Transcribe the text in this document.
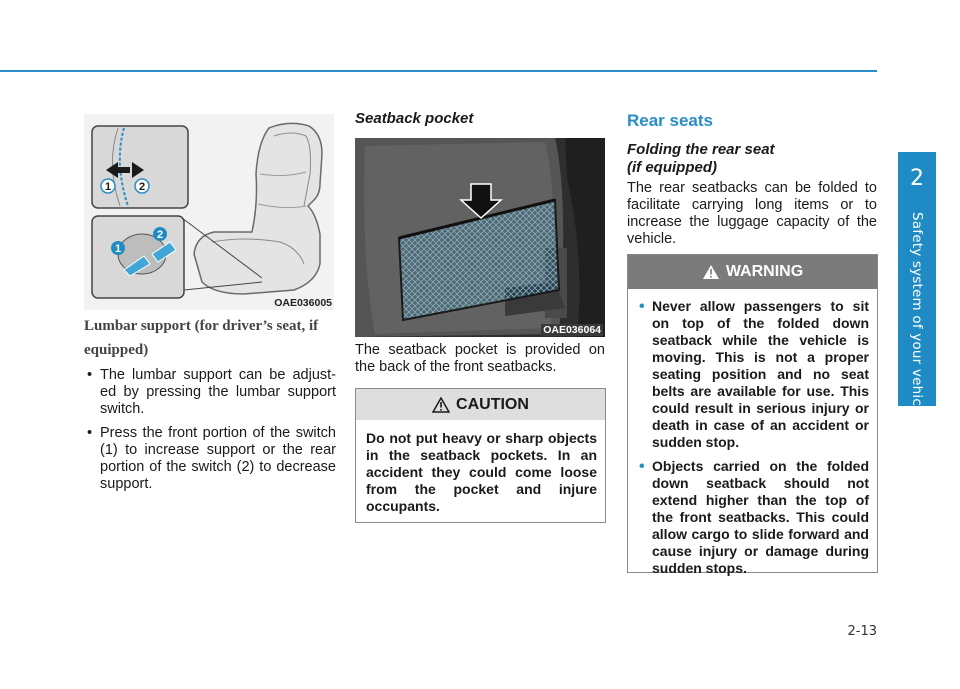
2
Safety system of your vehicle
1	2
1
2
OAE036005
Lumbar support (for driver’s seat, if equipped)
• The lumbar support can be adjust-ed by pressing the lumbar support switch.
• Press the front portion of the switch (1) to increase support or the rear portion of the switch (2) to decrease support.
Seatback pocket
OAE036064
The seatback pocket is provided on the back of the front seatbacks.
CAUTION
Do not put heavy or sharp objects in the seatback pockets. In an accident they could come loose from the pocket and injure occupants.
Rear seats
Folding the rear seat
(if equipped)
The rear seatbacks can be folded to facilitate carrying long items or to increase the luggage capacity of the vehicle.
WARNING
• Never allow passengers to sit on top of the folded down seatback while the vehicle is moving. This is not a proper seating position and no seat belts are available for use. This could result in serious injury or death in case of an accident or sudden stop.
• Objects carried on the folded down seatback should not extend higher than the top of the front seatbacks. This could allow cargo to slide forward and cause injury or damage during sudden stops.
2-13
